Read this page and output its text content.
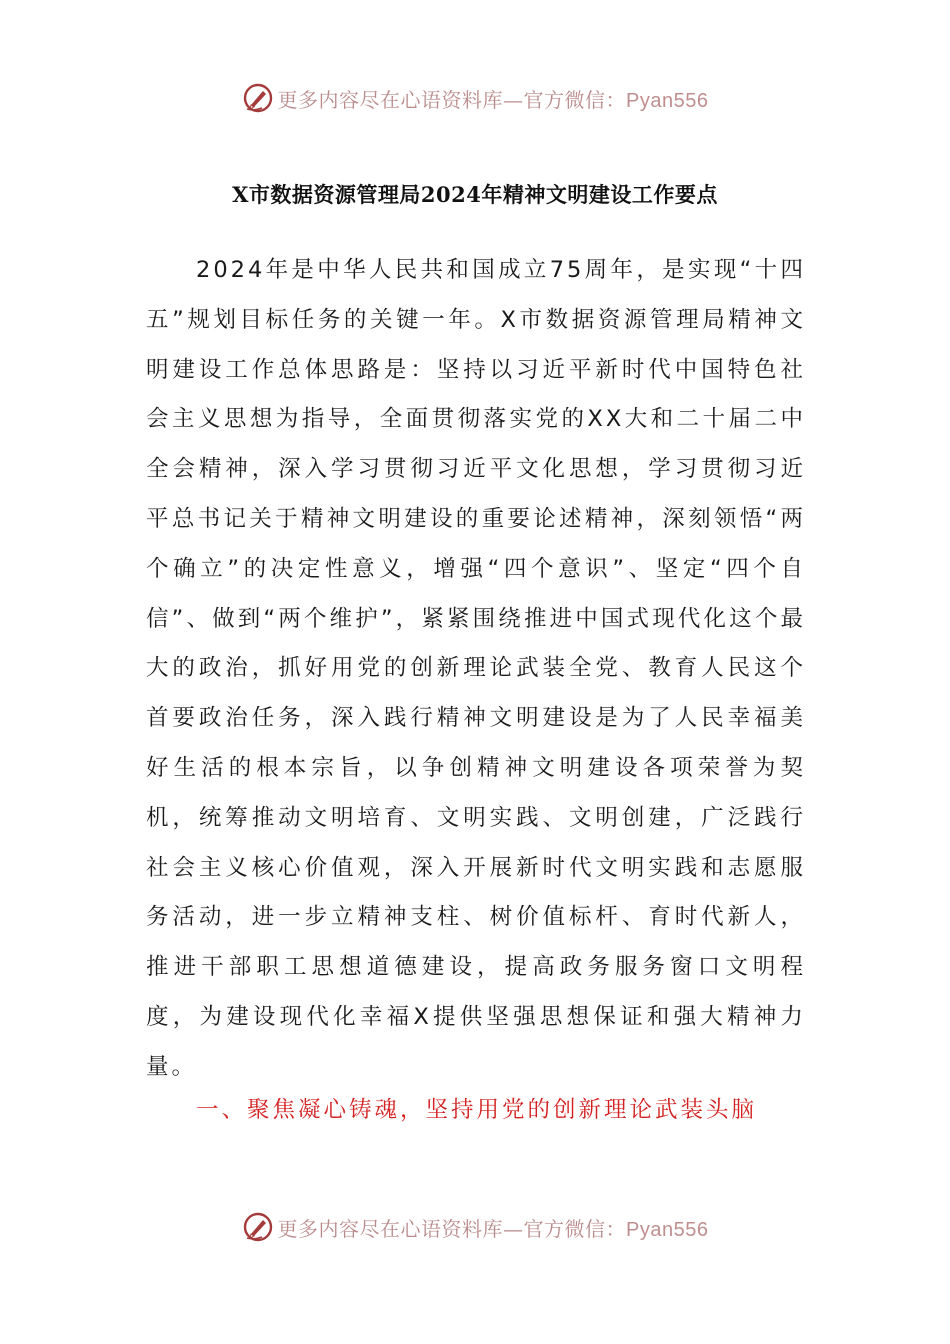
更多内容尽在心语资料库—官方微信：Pyan556
X市数据资源管理局2024年精神文明建设工作要点

2024年是中华人民共和国成立75周年，是实现“十四五”规划目标任务的关键一年。X市数据资源管理局精神文明建设工作总体思路是：坚持以习近平新时代中国特色社会主义思想为指导，全面贯彻落实党的XX大和二十届二中全会精神，深入学习贯彻习近平文化思想，学习贯彻习近平总书记关于精神文明建设的重要论述精神，深刻领悟“两个确立”的决定性意义，增强“四个意识”、坚定“四个自信”、做到“两个维护”，紧紧围绕推进中国式现代化这个最大的政治，抓好用党的创新理论武装全党、教育人民这个首要政治任务，深入践行精神文明建设是为了人民幸福美好生活的根本宗旨，以争创精神文明建设各项荣誉为契机，统筹推动文明培育、文明实践、文明创建，广泛践行社会主义核心价值观，深入开展新时代文明实践和志愿服务活动，进一步立精神支柱、树价值标杆、育时代新人，推进干部职工思想道德建设，提高政务服务窗口文明程度，为建设现代化幸福X提供坚强思想保证和强大精神力量。

一、聚焦凝心铸魂，坚持用党的创新理论武装头脑
更多内容尽在心语资料库—官方微信：Pyan556
